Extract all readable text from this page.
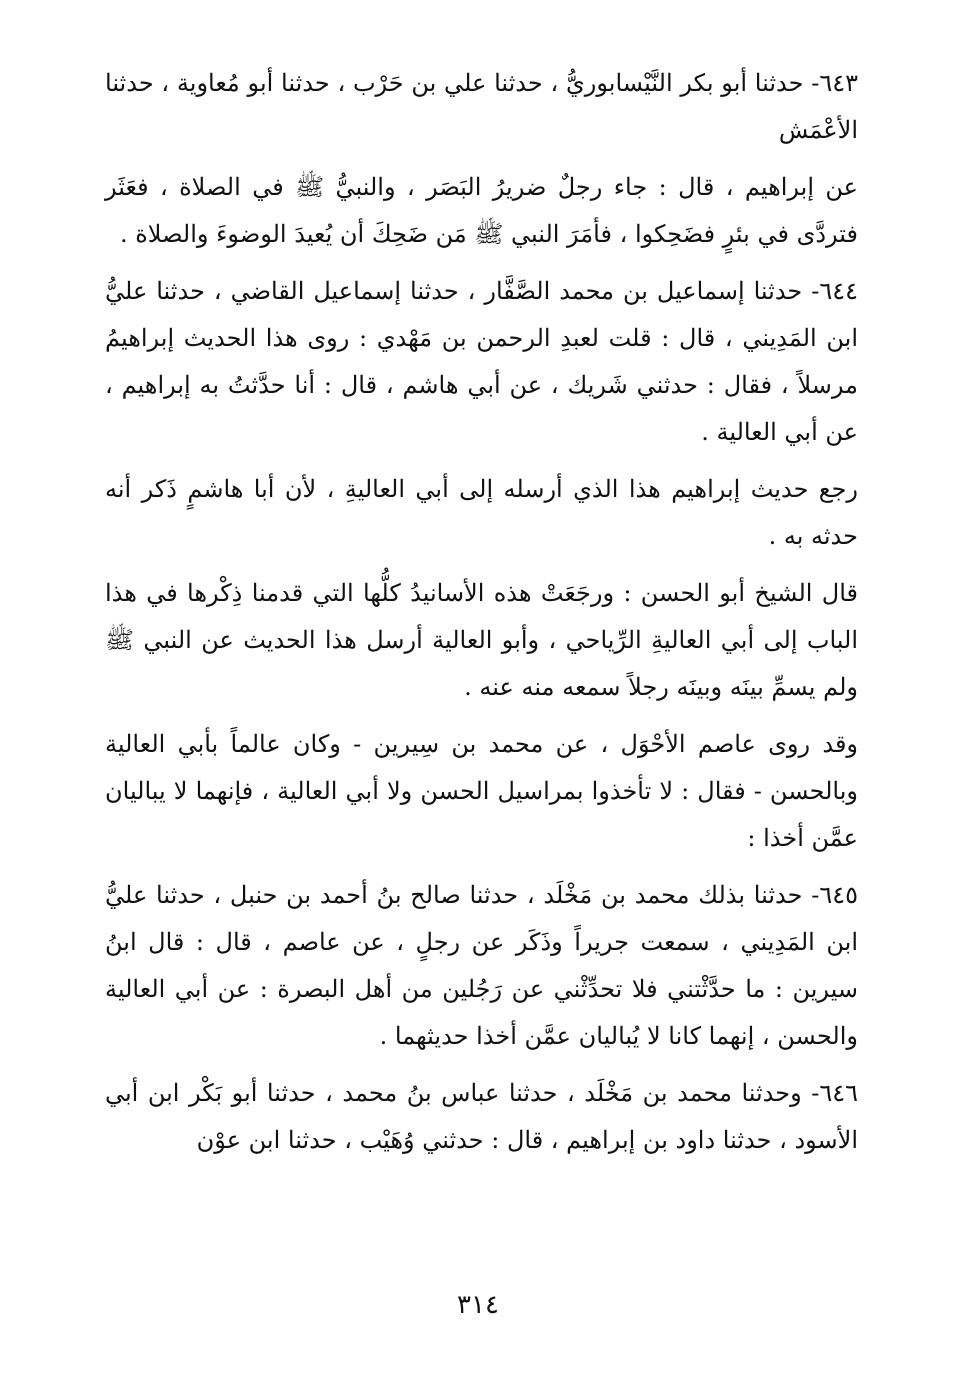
٦٤٣- حدثنا أبو بكر النَّيْسابوريُّ ، حدثنا علي بن حَرْب ، حدثنا أبو مُعاوية ، حدثنا الأعْمَش

عن إبراهيم ، قال : جاء رجلٌ ضريرُ البَصَر ، والنبيُّ ﷺ في الصلاة ، فعَثَر فتردَّى في بئرٍ فضَحِكوا ، فأمَرَ النبي ﷺ مَن ضَحِكَ أن يُعيدَ الوضوءَ والصلاة .

٦٤٤- حدثنا إسماعيل بن محمد الصَّفَّار ، حدثنا إسماعيل القاضي ، حدثنا عليُّ ابن المَدِيني ، قال : قلت لعبدِ الرحمن بن مَهْدي : روى هذا الحديث إبراهيمُ مرسلاً ، فقال : حدثني شَريك ، عن أبي هاشم ، قال : أنا حدَّثتُ به إبراهيم ، عن أبي العالية .

رجع حديث إبراهيم هذا الذي أرسله إلى أبي العاليةِ ، لأن أبا هاشمٍ ذَكر أنه حدثه به .

قال الشيخ أبو الحسن : ورجَعَتْ هذه الأسانيدُ كلُّها التي قدمنا ذِكْرها في هذا الباب إلى أبي العاليةِ الرِّياحي ، وأبو العالية أرسل هذا الحديث عن النبي ﷺ ولم يسمِّ بينَه وبينَه رجلاً سمعه منه عنه .

وقد روى عاصم الأحْوَل ، عن محمد بن سِيرين - وكان عالماً بأبي العالية وبالحسن - فقال : لا تأخذوا بمراسيل الحسن ولا أبي العالية ، فإنهما لا يباليان عمَّن أخذا :

٦٤٥- حدثنا بذلك محمد بن مَخْلَد ، حدثنا صالح بنُ أحمد بن حنبل ، حدثنا عليُّ ابن المَدِيني ، سمعت جريراً وذَكَر عن رجلٍ ، عن عاصم ، قال : قال ابنُ سيرين : ما حدَّثْتني فلا تحدِّثْني عن رَجُلين من أهل البصرة : عن أبي العالية والحسن ، إنهما كانا لا يُباليان عمَّن أخذا حديثهما .

٦٤٦- وحدثنا محمد بن مَخْلَد ، حدثنا عباس بنُ محمد ، حدثنا أبو بَكْر ابن أبي الأسود ، حدثنا داود بن إبراهيم ، قال : حدثني وُهَيْب ، حدثنا ابن عوْن

٣١٤
